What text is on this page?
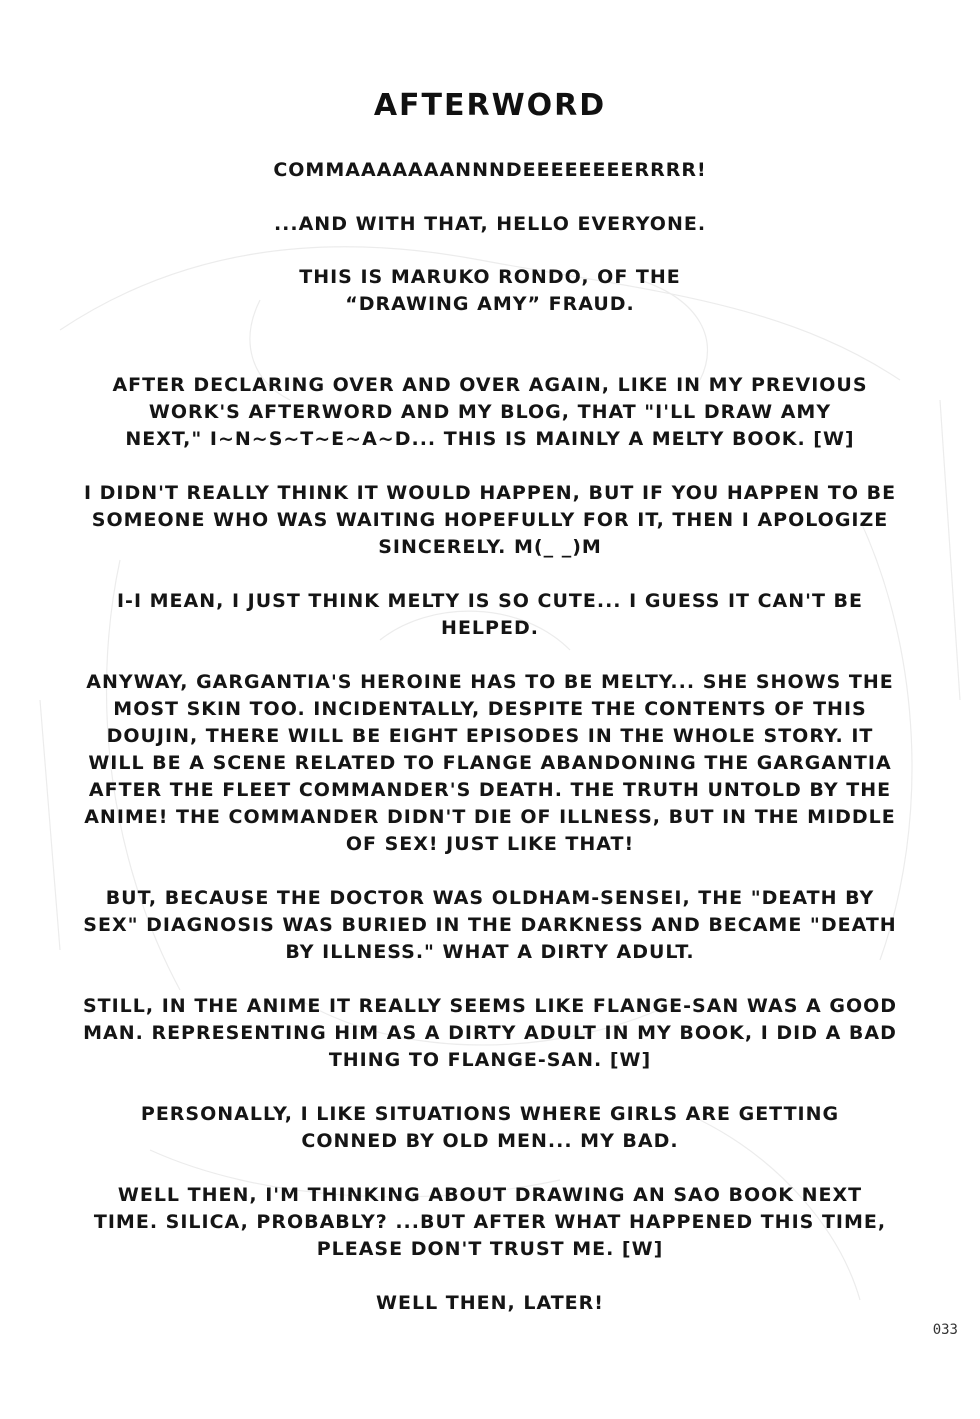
AFTERWORD
COMMAAAAAAANNNDEEEEEEEERRRR!
...AND WITH THAT, HELLO EVERYONE.
THIS IS MARUKO RONDO, OF THE “DRAWING AMY” FRAUD.
AFTER DECLARING OVER AND OVER AGAIN, LIKE IN MY PREVIOUS WORK'S AFTERWORD AND MY BLOG, THAT "I'LL DRAW AMY NEXT," I~N~S~T~E~A~D... THIS IS MAINLY A MELTY BOOK. [W]
I DIDN'T REALLY THINK IT WOULD HAPPEN, BUT IF YOU HAPPEN TO BE SOMEONE WHO WAS WAITING HOPEFULLY FOR IT, THEN I APOLOGIZE SINCERELY. M(_ _)M
I-I MEAN, I JUST THINK MELTY IS SO CUTE... I GUESS IT CAN'T BE HELPED.
ANYWAY, GARGANTIA'S HEROINE HAS TO BE MELTY... SHE SHOWS THE MOST SKIN TOO. INCIDENTALLY, DESPITE THE CONTENTS OF THIS DOUJIN, THERE WILL BE EIGHT EPISODES IN THE WHOLE STORY. IT WILL BE A SCENE RELATED TO FLANGE ABANDONING THE GARGANTIA AFTER THE FLEET COMMANDER'S DEATH. THE TRUTH UNTOLD BY THE ANIME! THE COMMANDER DIDN'T DIE OF ILLNESS, BUT IN THE MIDDLE OF SEX! JUST LIKE THAT!
BUT, BECAUSE THE DOCTOR WAS OLDHAM-SENSEI, THE "DEATH BY SEX" DIAGNOSIS WAS BURIED IN THE DARKNESS AND BECAME "DEATH BY ILLNESS." WHAT A DIRTY ADULT.
STILL, IN THE ANIME IT REALLY SEEMS LIKE FLANGE-SAN WAS A GOOD MAN. REPRESENTING HIM AS A DIRTY ADULT IN MY BOOK, I DID A BAD THING TO FLANGE-SAN. [W]
PERSONALLY, I LIKE SITUATIONS WHERE GIRLS ARE GETTING CONNED BY OLD MEN... MY BAD.
WELL THEN, I'M THINKING ABOUT DRAWING AN SAO BOOK NEXT TIME. SILICA, PROBABLY? ...BUT AFTER WHAT HAPPENED THIS TIME, PLEASE DON'T TRUST ME. [W]
WELL THEN, LATER!
033
